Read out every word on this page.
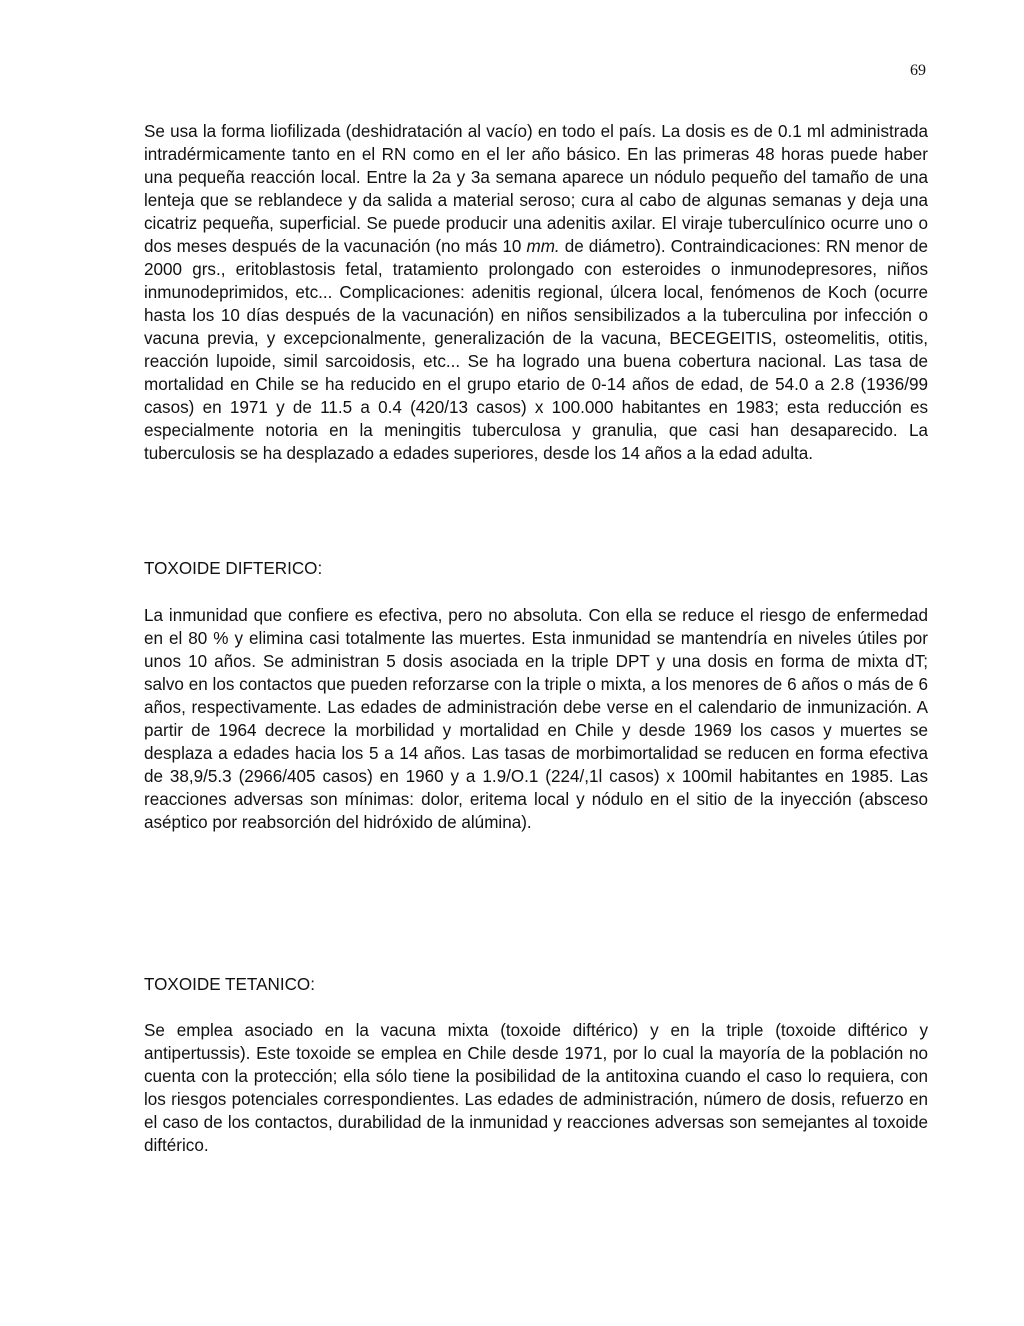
69

Se usa la forma liofilizada (deshidratación al vacío) en todo el país. La dosis es de 0.1 ml administrada intradérmicamente tanto en el RN como en el ler año básico. En las primeras 48 horas puede haber una pequeña reacción local. Entre la 2a y 3a semana aparece un nódulo pequeño del tamaño de una lenteja que se reblandece y da salida a material seroso; cura al cabo de algunas semanas y deja una cicatriz pequeña, superficial. Se puede producir una adenitis axilar. El viraje tuberculínico ocurre uno o dos meses después de la vacunación (no más 10 mm. de diámetro). Contraindicaciones: RN menor de 2000 grs., eritoblastosis fetal, tratamiento prolongado con esteroides o inmunodepresores, niños inmunodeprimidos, etc... Complicaciones: adenitis regional, úlcera local, fenómenos de Koch (ocurre hasta los 10 días después de la vacunación) en niños sensibilizados a la tuberculina por infección o vacuna previa, y excepcionalmente, generalización de la vacuna, BECEGEITIS, osteomelitis, otitis, reacción lupoide, simil sarcoidosis, etc... Se ha logrado una buena cobertura nacional. Las tasa de mortalidad en Chile se ha reducido en el grupo etario de 0-14 años de edad, de 54.0 a 2.8 (1936/99 casos) en 1971 y de 11.5 a 0.4 (420/13 casos) x 100.000 habitantes en 1983; esta reducción es especialmente notoria en la meningitis tuberculosa y granulia, que casi han desaparecido. La tuberculosis se ha desplazado a edades superiores, desde los 14 años a la edad adulta.

TOXOIDE DIFTERICO:

La inmunidad que confiere es efectiva, pero no absoluta. Con ella se reduce el riesgo de enfermedad en el 80 % y elimina casi totalmente las muertes. Esta inmunidad se mantendría en niveles útiles por unos 10 años. Se administran 5 dosis asociada en la triple DPT y una dosis en forma de mixta dT; salvo en los contactos que pueden reforzarse con la triple o mixta, a los menores de 6 años o más de 6 años, respectivamente. Las edades de administración debe verse en el calendario de inmunización. A partir de 1964 decrece la morbilidad y mortalidad en Chile y desde 1969 los casos y muertes se desplaza a edades hacia los 5 a 14 años. Las tasas de morbimortalidad se reducen en forma efectiva de 38,9/5.3 (2966/405 casos) en 1960 y a 1.9/O.1 (224/,1l casos) x 100mil habitantes en 1985. Las reacciones adversas son mínimas: dolor, eritema local y nódulo en el sitio de la inyección (absceso aséptico por reabsorción del hidróxido de alúmina).

TOXOIDE TETANICO:

Se emplea asociado en la vacuna mixta (toxoide diftérico) y en la triple (toxoide diftérico y antipertussis). Este toxoide se emplea en Chile desde 1971, por lo cual la mayoría de la población no cuenta con la protección; ella sólo tiene la posibilidad de la antitoxina cuando el caso lo requiera, con los riesgos potenciales correspondientes. Las edades de administración, número de dosis, refuerzo en el caso de los contactos, durabilidad de la inmunidad y reacciones adversas son semejantes al toxoide diftérico.
